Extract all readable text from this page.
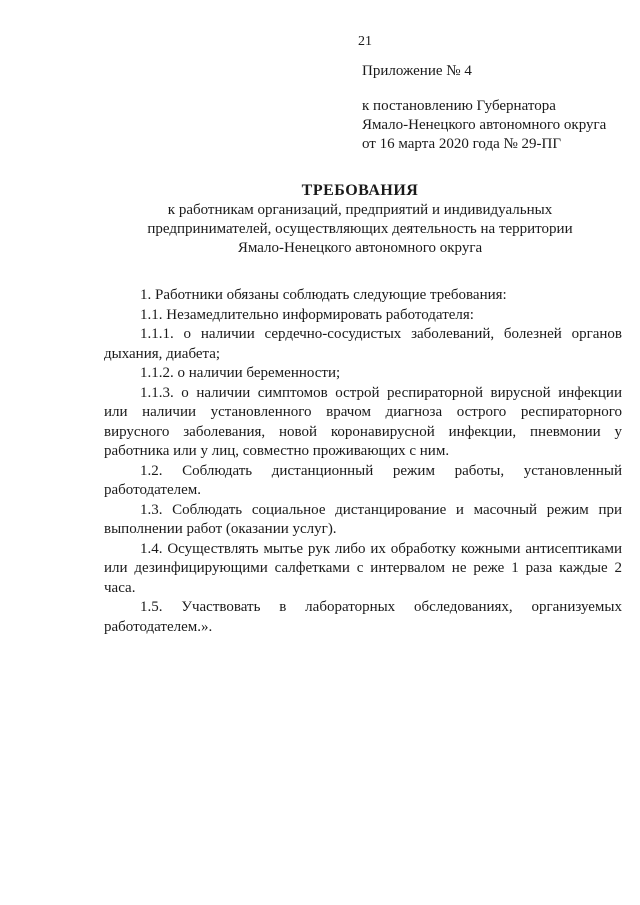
21
Приложение № 4
к постановлению Губернатора
Ямало-Ненецкого автономного округа
от 16 марта 2020 года № 29-ПГ

ТРЕБОВАНИЯ

к работникам организаций, предприятий и индивидуальных
предпринимателей, осуществляющих деятельность на территории
Ямало-Ненецкого автономного округа

1. Работники обязаны соблюдать следующие требования:

1.1. Незамедлительно информировать работодателя:

1.1.1. о наличии сердечно-сосудистых заболеваний, болезней органов дыхания, диабета;

1.1.2. о наличии беременности;

1.1.3. о наличии симптомов острой респираторной вирусной инфекции или наличии установленного врачом диагноза острого респираторного вирусного заболевания, новой коронавирусной инфекции, пневмонии у работника или у лиц, совместно проживающих с ним.

1.2. Соблюдать дистанционный режим работы, установленный работодателем.

1.3. Соблюдать социальное дистанцирование и масочный режим при выполнении работ (оказании услуг).

1.4. Осуществлять мытье рук либо их обработку кожными антисептиками или дезинфицирующими салфетками с интервалом не реже 1 раза каждые 2 часа.

1.5. Участвовать в лабораторных обследованиях, организуемых работодателем.».
